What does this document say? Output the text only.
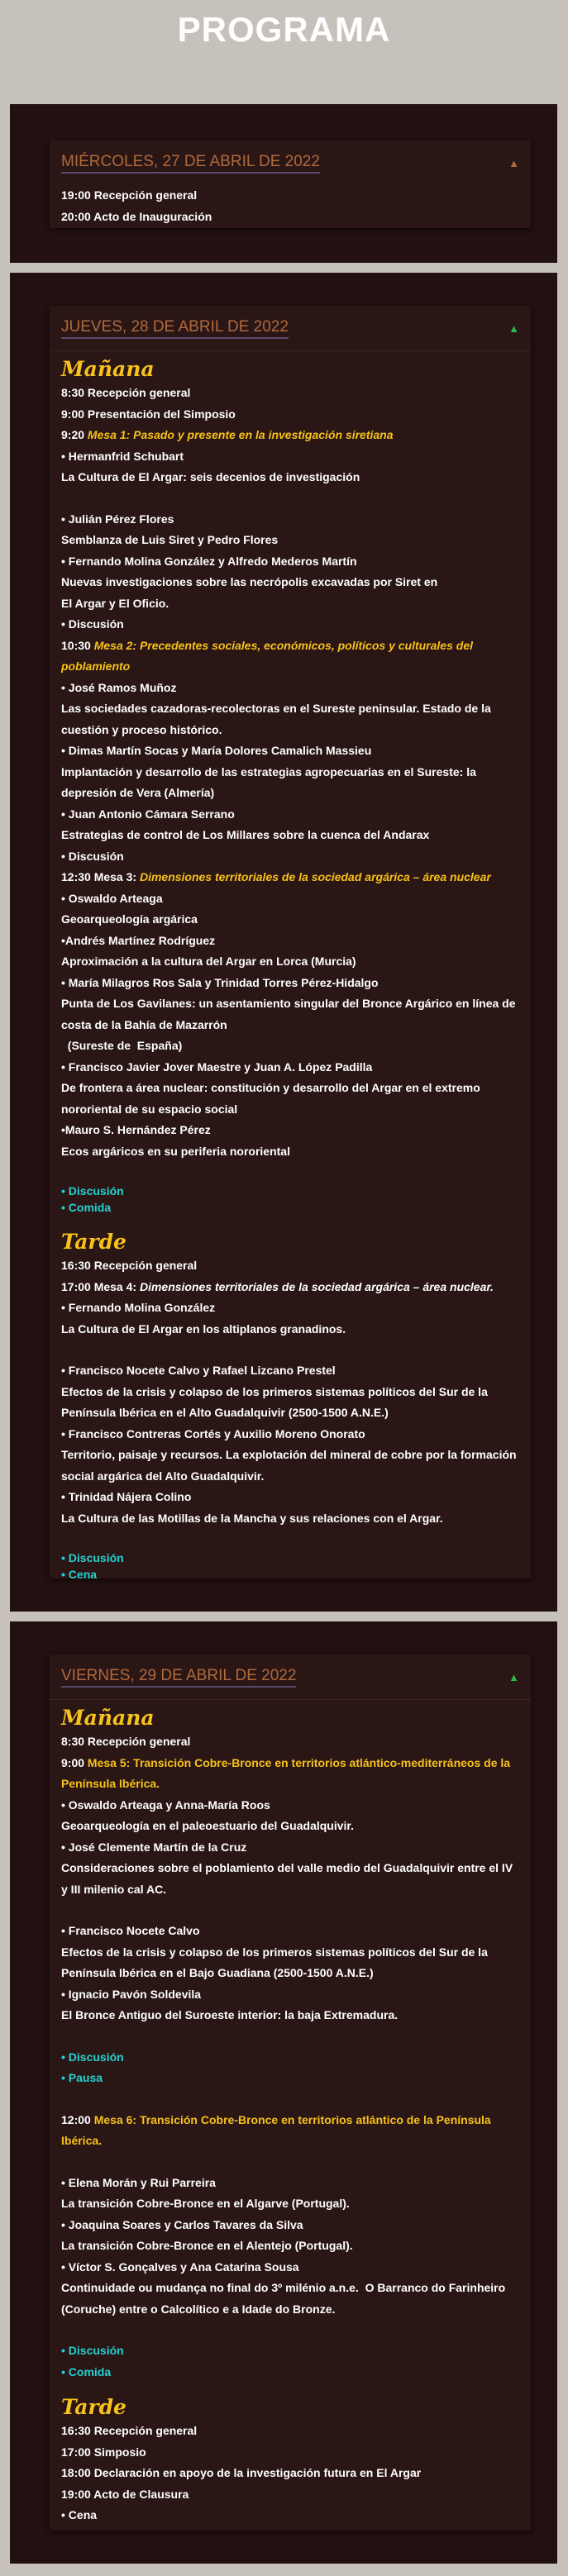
PROGRAMA
MIÉRCOLES, 27 DE ABRIL DE 2022	▲
19:00 Recepción general
20:00 Acto de Inauguración
JUEVES, 28 DE ABRIL DE 2022	▲
Mañana
8:30 Recepción general
9:00 Presentación del Simposio
9:20 Mesa 1: Pasado y presente en la investigación siretiana
• Hermanfrid Schubart
La Cultura de El Argar: seis decenios de investigación
• Julián Pérez Flores
Semblanza de Luis Siret y Pedro Flores
• Fernando Molina González y Alfredo Mederos Martín
Nuevas investigaciones sobre las necrópolis excavadas por Siret en
El Argar y El Oficio.
• Discusión
10:30 Mesa 2: Precedentes sociales, económicos, políticos y culturales del
poblamiento
• José Ramos Muñoz
Las sociedades cazadoras-recolectoras en el Sureste peninsular. Estado de la
cuestión y proceso histórico.
• Dimas Martín Socas y María Dolores Camalich Massieu
Implantación y desarrollo de las estrategias agropecuarias en el Sureste: la
depresión de Vera (Almería)
• Juan Antonio Cámara Serrano
Estrategias de control de Los Millares sobre la cuenca del Andarax
• Discusión
12:30 Mesa 3: Dimensiones territoriales de la sociedad argárica – área nuclear
• Oswaldo Arteaga
Geoarqueología argárica
•Andrés Martínez Rodríguez
Aproximación a la cultura del Argar en Lorca (Murcia)
• María Milagros Ros Sala y Trinidad Torres Pérez-Hidalgo
Punta de Los Gavilanes: un asentamiento singular del Bronce Argárico en línea de
costa de la Bahía de Mazarrón
(Sureste de  España)
• Francisco Javier Jover Maestre y Juan A. López Padilla
De frontera a área nuclear: constitución y desarrollo del Argar en el extremo
nororiental de su espacio social
•Mauro S. Hernández Pérez
Ecos argáricos en su periferia nororiental
• Discusión
• Comida
Tarde
16:30 Recepción general
17:00 Mesa 4: Dimensiones territoriales de la sociedad argárica – área nuclear.
• Fernando Molina González
La Cultura de El Argar en los altiplanos granadinos.
• Francisco Nocete Calvo y Rafael Lizcano Prestel
Efectos de la crisis y colapso de los primeros sistemas políticos del Sur de la
Península Ibérica en el Alto Guadalquivir (2500-1500 A.N.E.)
• Francisco Contreras Cortés y Auxilio Moreno Onorato
Territorio, paisaje y recursos. La explotación del mineral de cobre por la formación
social argárica del Alto Guadalquivir.
• Trinidad Nájera Colino
La Cultura de las Motillas de la Mancha y sus relaciones con el Argar.
• Discusión
• Cena
VIERNES, 29 DE ABRIL DE 2022	▲
Mañana
8:30 Recepción general
9:00 Mesa 5: Transición Cobre-Bronce en territorios atlántico-mediterráneos de la
Península Ibérica.
• Oswaldo Arteaga y Anna-María Roos
Geoarqueología en el paleoestuario del Guadalquivir.
• José Clemente Martín de la Cruz
Consideraciones sobre el poblamiento del valle medio del Guadalquivir entre el IV
y III milenio cal AC.
• Francisco Nocete Calvo
Efectos de la crisis y colapso de los primeros sistemas políticos del Sur de la
Península Ibérica en el Bajo Guadiana (2500-1500 A.N.E.)
• Ignacio Pavón Soldevila
El Bronce Antiguo del Suroeste interior: la baja Extremadura.
• Discusión
• Pausa
12:00 Mesa 6: Transición Cobre-Bronce en territorios atlántico de la Península
Ibérica.
• Elena Morán y Rui Parreira
La transición Cobre-Bronce en el Algarve (Portugal).
• Joaquina Soares y Carlos Tavares da Silva
La transición Cobre-Bronce en el Alentejo (Portugal).
• Víctor S. Gonçalves y Ana Catarina Sousa
Continuidade ou mudança no final do 3º milénio a.n.e.  O Barranco do Farinheiro
(Coruche) entre o Calcolítico e a Idade do Bronze.
• Discusión
• Comida
Tarde
16:30 Recepción general
17:00 Simposio
18:00 Declaración en apoyo de la investigación futura en El Argar
19:00 Acto de Clausura
• Cena
